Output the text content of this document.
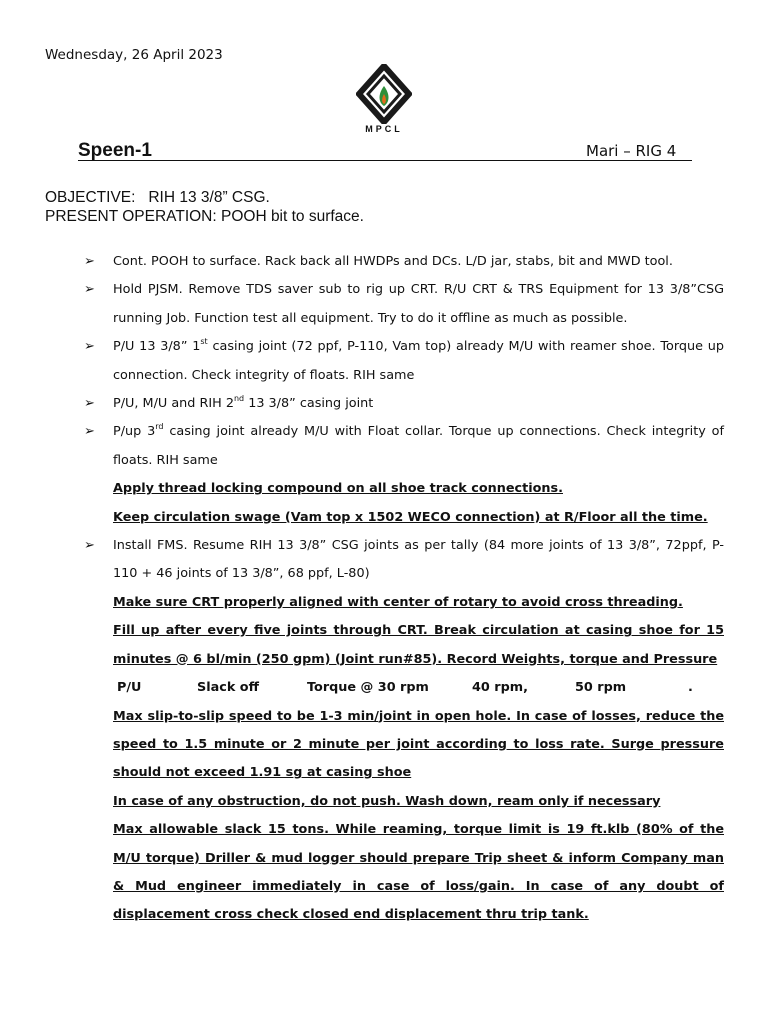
Wednesday, 26 April 2023
MPCL
Speen-1	Mari – RIG 4
OBJECTIVE:   RIH 13 3/8” CSG.
PRESENT OPERATION: POOH bit to surface.
➢ Cont. POOH to surface. Rack back all HWDPs and DCs. L/D jar, stabs, bit and MWD tool.
➢ Hold PJSM. Remove TDS saver sub to rig up CRT. R/U CRT & TRS Equipment for 13 3/8”CSG running Job. Function test all equipment. Try to do it offline as much as possible.
➢ P/U 13 3/8” 1st casing joint (72 ppf, P-110, Vam top) already M/U with reamer shoe. Torque up connection. Check integrity of floats. RIH same
➢ P/U, M/U and RIH 2nd 13 3/8” casing joint
➢ P/up 3rd casing joint already M/U with Float collar. Torque up connections. Check integrity of floats. RIH same
Apply thread locking compound on all shoe track connections.
Keep circulation swage (Vam top x 1502 WECO connection) at R/Floor all the time.
➢ Install FMS. Resume RIH 13 3/8” CSG joints as per tally (84 more joints of 13 3/8”, 72ppf, P-110 + 46 joints of 13 3/8”, 68 ppf, L-80)
Make sure CRT properly aligned with center of rotary to avoid cross threading.
Fill up after every five joints through CRT. Break circulation at casing shoe for 15 minutes @ 6 bl/min (250 gpm) (Joint run#85). Record Weights, torque and Pressure
P/U	Slack off	Torque @ 30 rpm	40 rpm,	50 rpm	.
Max slip-to-slip speed to be 1-3 min/joint in open hole. In case of losses, reduce the speed to 1.5 minute or 2 minute per joint according to loss rate. Surge pressure should not exceed 1.91 sg at casing shoe
In case of any obstruction, do not push. Wash down, ream only if necessary
Max allowable slack 15 tons. While reaming, torque limit is 19 ft.klb (80% of the M/U torque) Driller & mud logger should prepare Trip sheet & inform Company man & Mud engineer immediately in case of loss/gain. In case of any doubt of displacement cross check closed end displacement thru trip tank.
